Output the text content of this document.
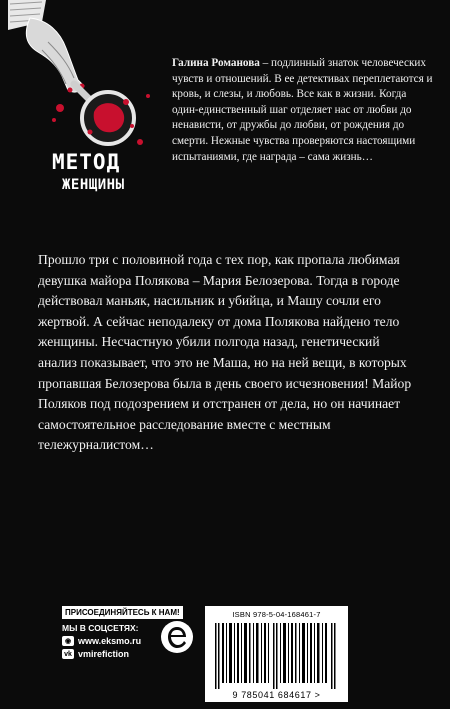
МЕТОД
ЖЕНЩИНЫ
Галина Романова – подлинный знаток человеческих чувств и отношений. В ее детективах переплетаются и кровь, и слезы, и любовь. Все как в жизни. Когда один-единственный шаг отделяет нас от любви до ненависти, от дружбы до любви, от рождения до смерти. Нежные чувства проверяются настоящими испытаниями, где награда – сама жизнь…
Прошло три с половиной года с тех пор, как пропала любимая девушка майора Полякова – Мария Белозерова. Тогда в городе действовал маньяк, насильник и убийца, и Машу сочли его жертвой. А сейчас неподалеку от дома Полякова найдено тело женщины. Несчастную убили полгода назад, генетический анализ показывает, что это не Маша, но на ней вещи, в которых пропавшая Белозерова была в день своего исчезновения! Майор Поляков под подозрением и отстранен от дела, но он начинает самостоятельное расследование вместе с местным тележурналистом…
ПРИСОЕДИНЯЙТЕСЬ К НАМ!
МЫ В СОЦСЕТЯХ:
◉ www.eksmo.ru
vk vmirefiction
ISBN 978-5-04-168461-7
9 785041 684617 >
